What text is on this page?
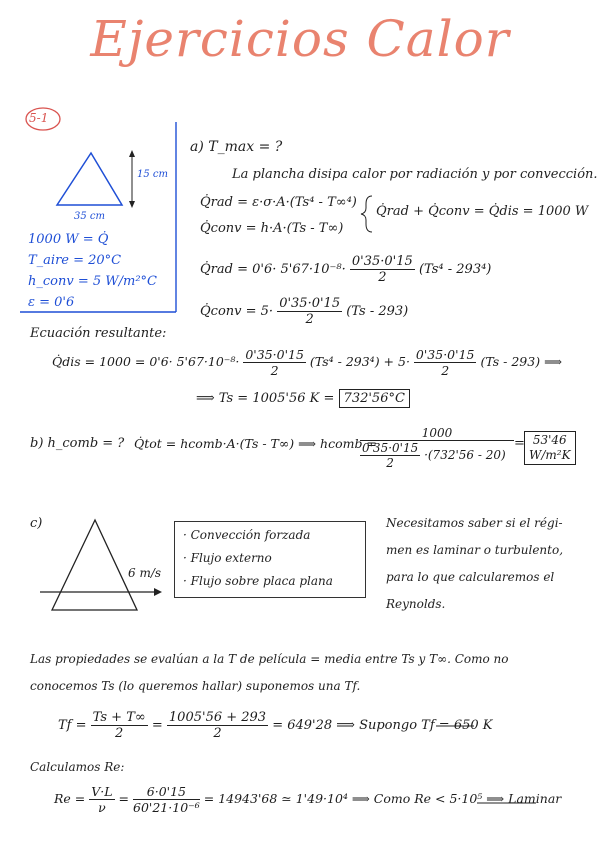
Ejercicios Calor
5-1
15 cm
35 cm
1000 W = Q̇
T_aire = 20°C
h_conv = 5 W/m²°C
ε = 0'6
a) T_max = ?
La plancha disipa calor por radiación y por convección.
Q̇rad = ε·σ·A·(Ts⁴ - T∞⁴)
Q̇conv = h·A·(Ts - T∞)
Q̇rad + Q̇conv = Q̇dis = 1000 W
Q̇rad = $0'6\cdot 5'67\cdot 10^{-8}\cdot \frac{0'35\cdot 0'15}{2} (Ts^4 - 293^4)$
Q̇conv = $5\cdot \frac{0'35\cdot 0'15}{2} (Ts - 293)$
Ecuación resultante:
Q̇dis = $1000 = 0'6\cdot 5'67\cdot 10^{-8}\cdot \frac{0'35\cdot 0'15}{2} (Ts^4 - 293^4) + 5\cdot \frac{0'35\cdot 0'15}{2} (Ts - 293)$ ⟹
⟹ Ts = 1005'56 K = 732'56°C
b) h_comb = ? Q̇tot = hcomb·A·(Ts - T∞) ⟹ hcomb =
$\frac{1000}{\frac{0'35\cdot 0'15}{2} \cdot(732'56 - 20)} = 53'46$
W/m²K
c)
6 m/s
· Convección forzada
· Flujo externo
· Flujo sobre placa plana
Necesitamos saber si el régi-
men es laminar o turbulento,
para lo que calcularemos el
Reynolds.
Las propiedades se evalúan a la T de película = media entre Ts y T∞. Como no
conocemos Ts (lo queremos hallar) suponemos una Tf.
$Tf = \frac{Ts + T\infty}{2} = \frac{1005'56 + 293}{2} = 649'28$ ⟹ Supongo Tf = 650 K
Calculamos Re:
$Re = \frac{V\cdot L}{\nu} = \frac{6\cdot 0'15}{\text{60'21·10⁻⁶}} = 14943'68$ ≃ 1'49·10⁴ ⟹ Como Re < 5·10⁵ ⟹ Laminar
